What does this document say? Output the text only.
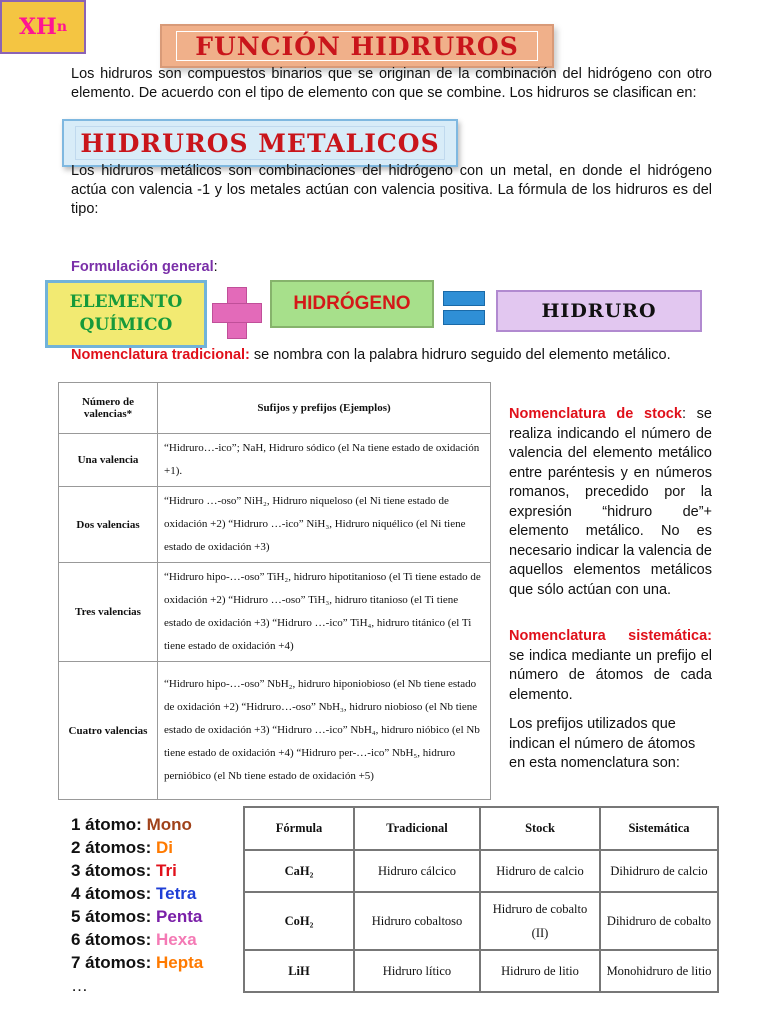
FUNCIÓN HIDRUROS
Los hidruros son compuestos binarios que se originan de la combinación del hidrógeno con otro elemento. De acuerdo con el tipo de elemento con que se combine. Los hidruros se clasifican en:
HIDRUROS METALICOS
Los hidruros metálicos son combinaciones del hidrógeno con un metal, en donde el hidrógeno actúa con valencia -1 y los metales actúan con valencia positiva. La fórmula de los hidruros es del tipo:
XH n
Formulación general:
ELEMENTO
QUÍMICO
HIDRÓGENO	HIDRURO
Nomenclatura tradicional: se nombra con la palabra hidruro seguido del elemento metálico.
Número de valencias*	Sufijos y prefijos (Ejemplos)
Una valencia	“Hidruro…-ico”; NaH, Hidruro sódico (el Na tiene estado de oxidación +1).
Dos valencias	“Hidruro …-oso” NiH₂, Hidruro niqueloso (el Ni tiene estado de oxidación +2) “Hidruro …-ico” NiH₃, Hidruro niquélico (el Ni tiene estado de oxidación +3)
Tres valencias	“Hidruro hipo-…-oso” TiH₂, hidruro hipotitanioso (el Ti tiene estado de oxidación +2) “Hidruro …-oso” TiH₃, hidruro titanioso (el Ti tiene estado de oxidación +3) “Hidruro …-ico” TiH₄, hidruro titánico (el Ti tiene estado de oxidación +4)
Cuatro valencias	“Hidruro hipo-…-oso” NbH₂, hidruro hiponiobioso (el Nb tiene estado de oxidación +2) “Hidruro…-oso” NbH₃, hidruro niobioso (el Nb tiene estado de oxidación +3) “Hidruro …-ico” NbH₄, hidruro nióbico (el Nb tiene estado de oxidación +4) “Hidruro per-…-ico” NbH₅, hidruro pernióbico (el Nb tiene estado de oxidación +5)
Nomenclatura de stock: se realiza indicando el número de valencia del elemento metálico entre paréntesis y en números romanos, precedido por la expresión “hidruro de”+ elemento metálico. No es necesario indicar la valencia de aquellos elementos metálicos que sólo actúan con una.
Nomenclatura sistemática: se indica mediante un prefijo el número de átomos de cada elemento.
Los prefijos utilizados que indican el número de átomos en esta nomenclatura son:
1 átomo: Mono
2 átomos: Di
3 átomos: Tri
4 átomos: Tetra
5 átomos: Penta
6 átomos: Hexa
7 átomos: Hepta
…
Fórmula	Tradicional	Stock	Sistemática
CaH₂	Hidruro cálcico	Hidruro de calcio	Dihidruro de calcio
CoH₂	Hidruro cobaltoso	Hidruro de cobalto (II)	Dihidruro de cobalto
LiH	Hidruro lítico	Hidruro de litio	Monohidruro de litio
